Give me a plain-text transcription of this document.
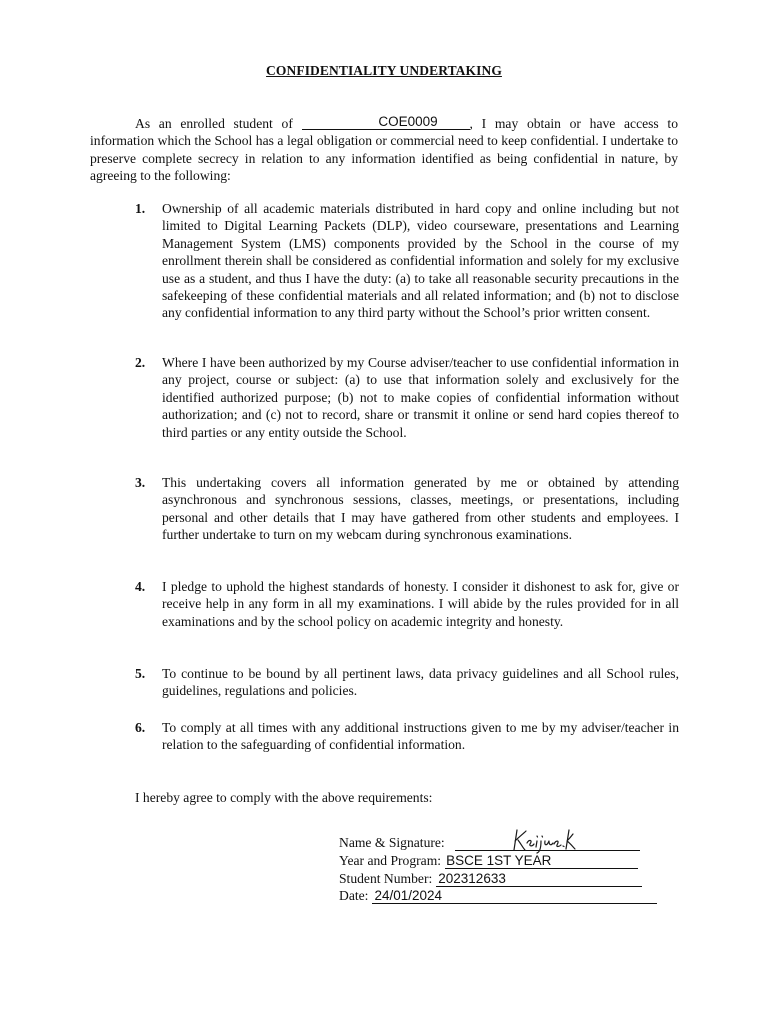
CONFIDENTIALITY UNDERTAKING
As an enrolled student of	COE0009 , I may obtain or have access to information which the School has a legal obligation or commercial need to keep confidential. I undertake to preserve complete secrecy in relation to any information identified as being confidential in nature, by agreeing to the following:
1.	Ownership of all academic materials distributed in hard copy and online including but not limited to Digital Learning Packets (DLP), video courseware, presentations and Learning Management System (LMS) components provided by the School in the course of my enrollment therein shall be considered as confidential information and solely for my exclusive use as a student, and thus I have the duty: (a) to take all reasonable security precautions in the safekeeping of these confidential materials and all related information; and (b) not to disclose any confidential information to any third party without the School’s prior written consent.
2.	Where I have been authorized by my Course adviser/teacher to use confidential information in any project, course or subject: (a) to use that information solely and exclusively for the identified authorized purpose; (b) not to make copies of confidential information without authorization; and (c) not to record, share or transmit it online or send hard copies thereof to third parties or any entity outside the School.
3.	This undertaking covers all information generated by me or obtained by attending asynchronous and synchronous sessions, classes, meetings, or presentations, including personal and other details that I may have gathered from other students and employees. I further undertake to turn on my webcam during synchronous examinations.
4.	I pledge to uphold the highest standards of honesty. I consider it dishonest to ask for, give or receive help in any form in all my examinations. I will abide by the rules provided for in all examinations and by the school policy on academic integrity and honesty.
5.	To continue to be bound by all pertinent laws, data privacy guidelines and all School rules, guidelines, regulations and policies.
6.	To comply at all times with any additional instructions given to me by my adviser/teacher in relation to the safeguarding of confidential information.
I hereby agree to comply with the above requirements:
Name & Signature:
Year and Program: BSCE 1ST YEAR
Student Number: 202312633
Date: 24/01/2024
